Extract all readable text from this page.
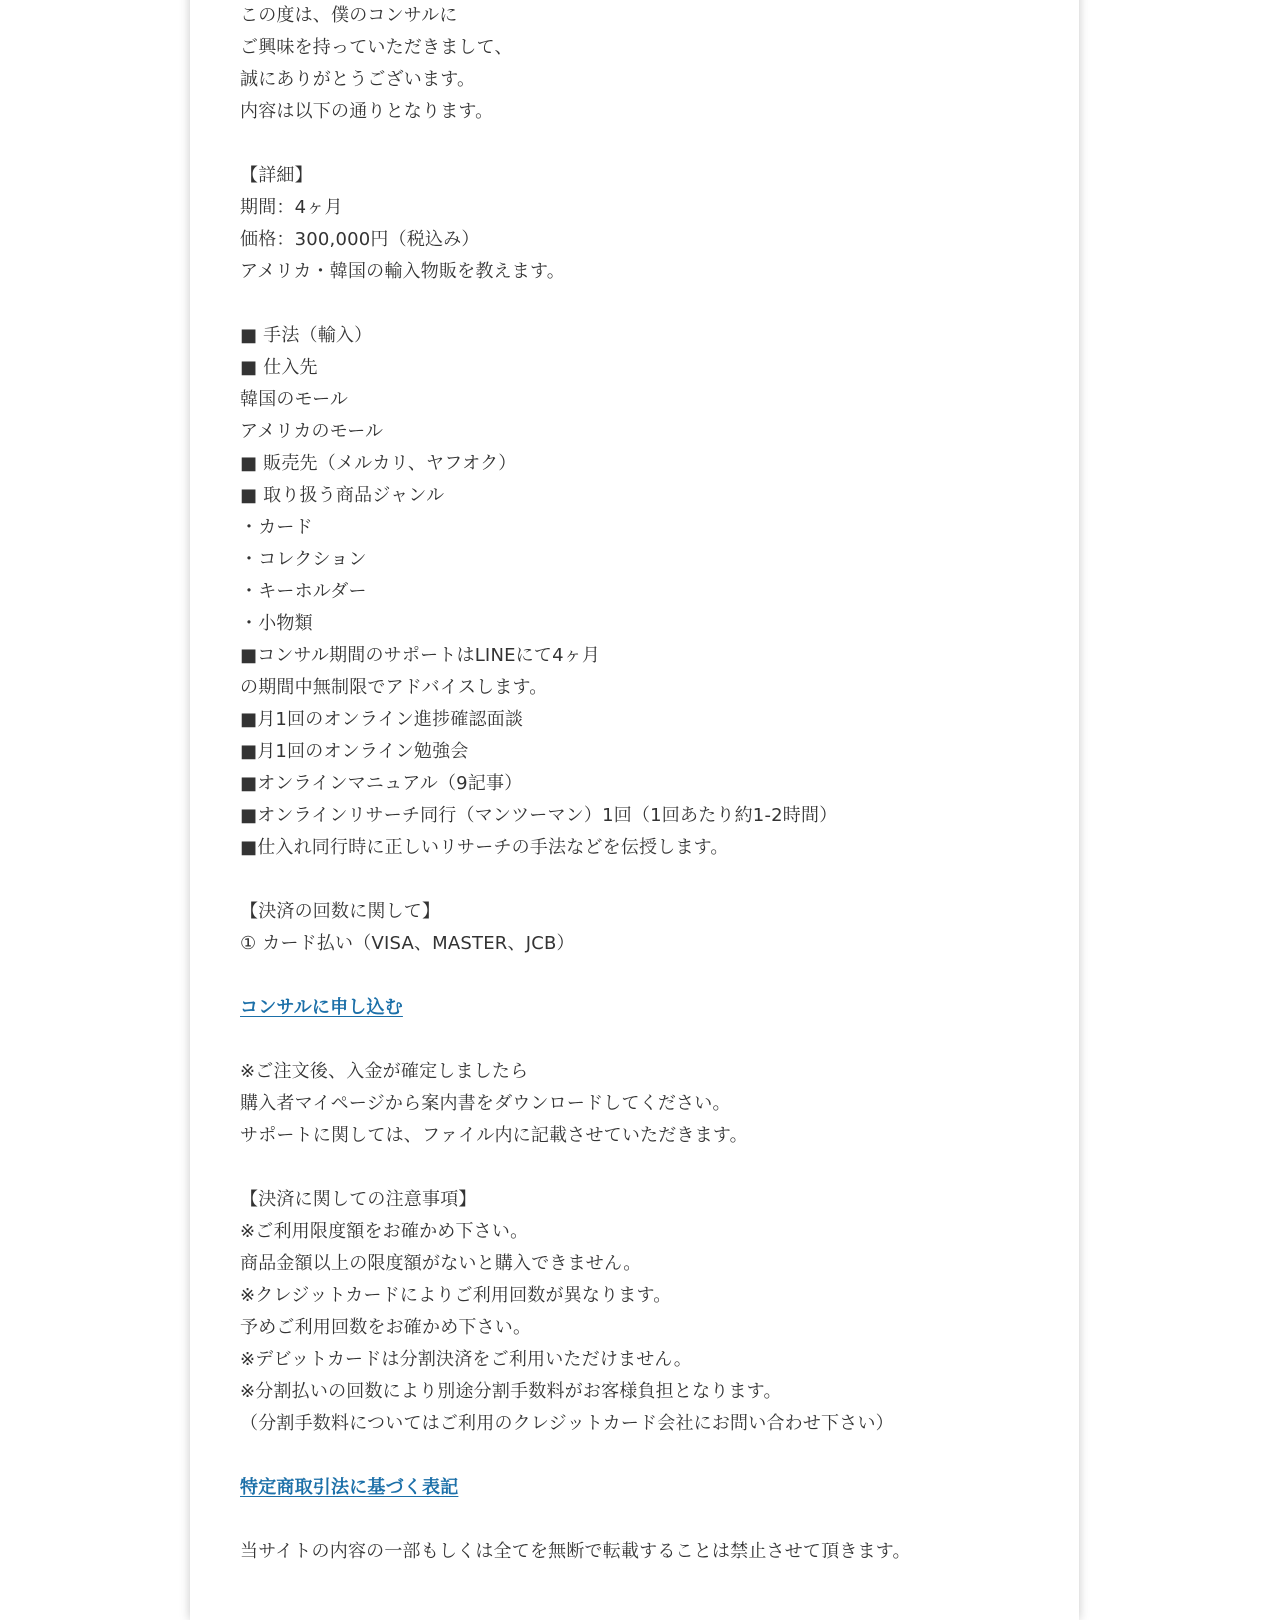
この度は、僕のコンサルに
ご興味を持っていただきまして、
誠にありがとうございます。
内容は以下の通りとなります。
【詳細】
期間：4ヶ月
価格：300,000円（税込み）
アメリカ・韓国の輸入物販を教えます。
■ 手法（輸入）
■ 仕入先
韓国のモール
アメリカのモール
■ 販売先（メルカリ、ヤフオク）
■ 取り扱う商品ジャンル
・カード
・コレクション
・キーホルダー
・小物類
■コンサル期間のサポートはLINEにて4ヶ月
の期間中無制限でアドバイスします。
■月1回のオンライン進捗確認面談
■月1回のオンライン勉強会
■オンラインマニュアル（9記事）
■オンラインリサーチ同行（マンツーマン）1回（1回あたり約1-2時間）
■仕入れ同行時に正しいリサーチの手法などを伝授します。
【決済の回数に関して】
① カード払い（VISA、MASTER、JCB）
コンサルに申し込む
※ご注文後、入金が確定しましたら
購入者マイページから案内書をダウンロードしてください。
サポートに関しては、ファイル内に記載させていただきます。
【決済に関しての注意事項】
※ご利用限度額をお確かめ下さい。
商品金額以上の限度額がないと購入できません。
※クレジットカードによりご利用回数が異なります。
予めご利用回数をお確かめ下さい。
※デビットカードは分割決済をご利用いただけません。
※分割払いの回数により別途分割手数料がお客様負担となります。
（分割手数料についてはご利用のクレジットカード会社にお問い合わせ下さい）
特定商取引法に基づく表記
当サイトの内容の一部もしくは全てを無断で転載することは禁止させて頂きます。
